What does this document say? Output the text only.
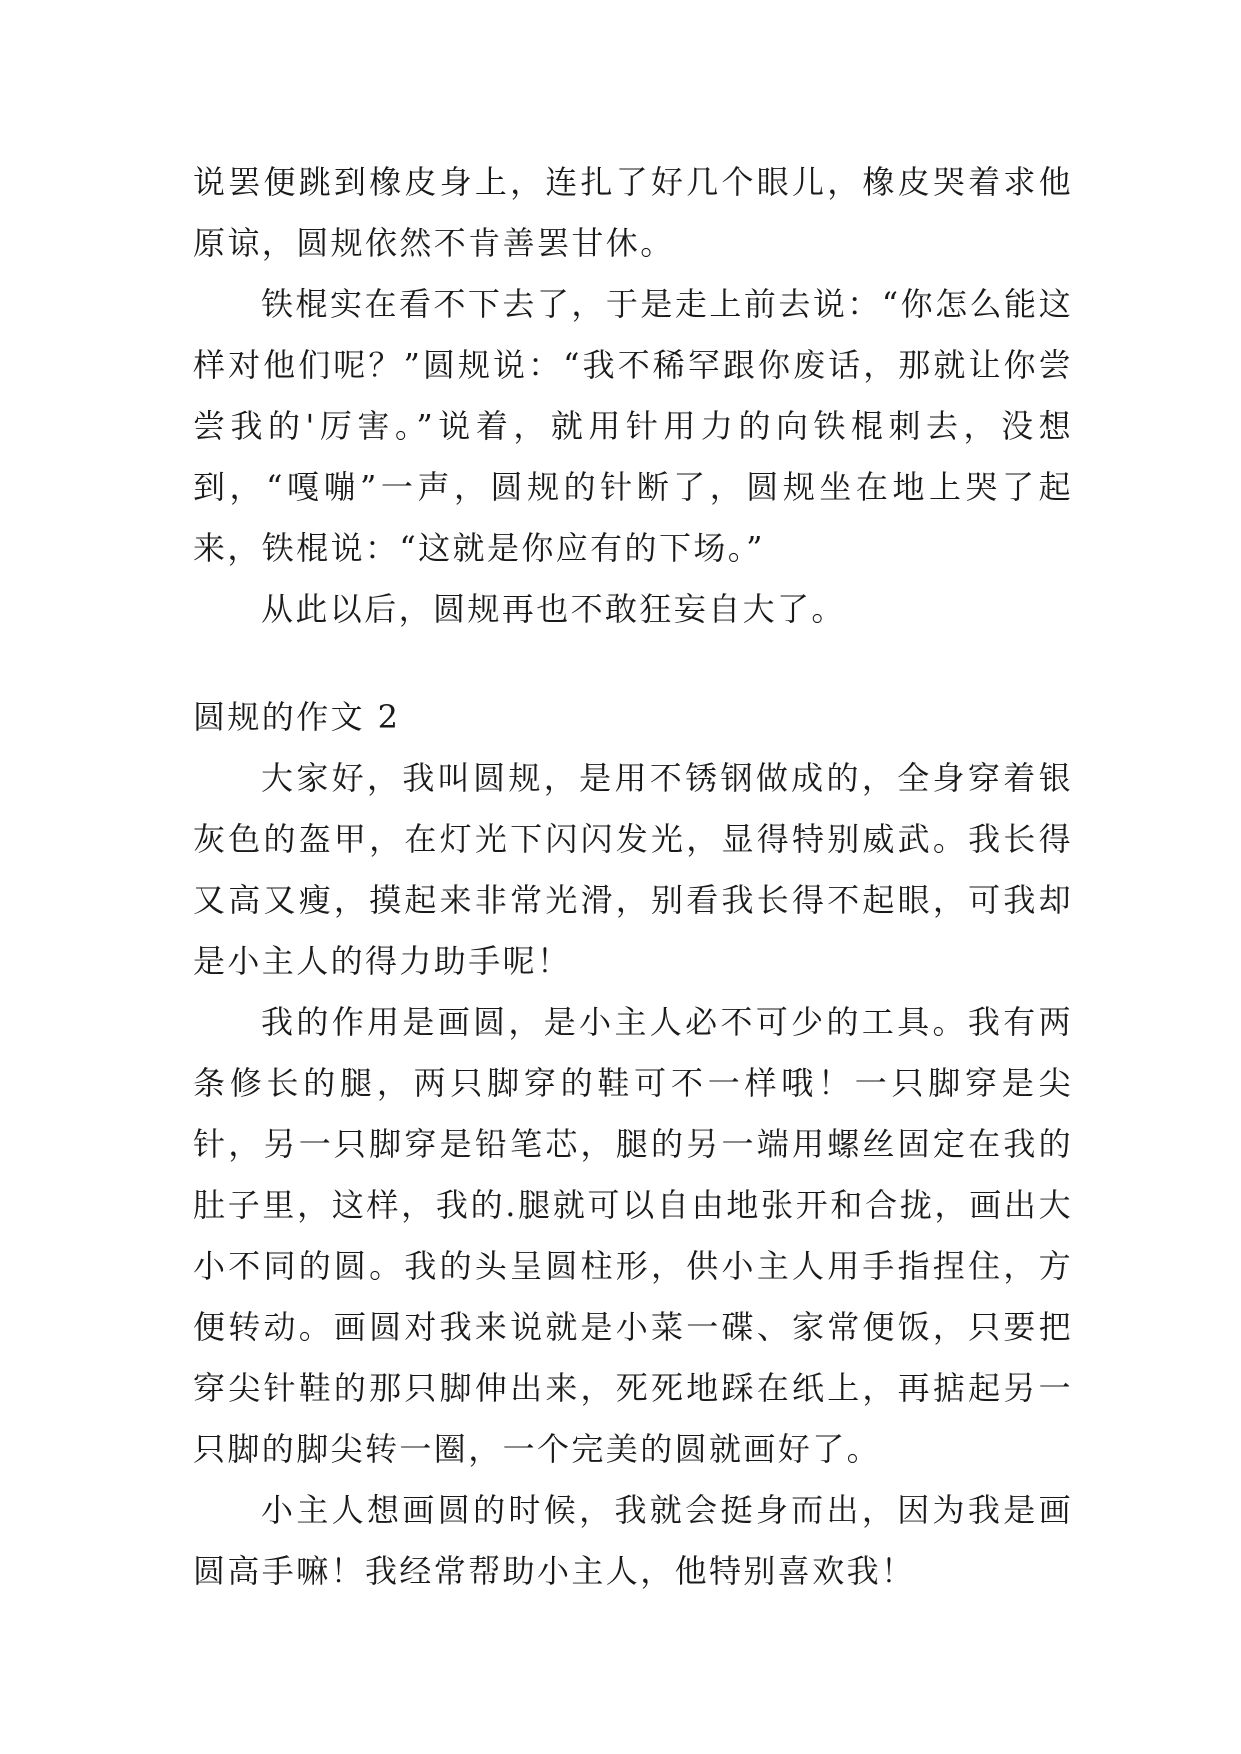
说罢便跳到橡皮身上，连扎了好几个眼儿，橡皮哭着求他原谅，圆规依然不肯善罢甘休。

铁棍实在看不下去了，于是走上前去说：“你怎么能这样对他们呢？”圆规说：“我不稀罕跟你废话，那就让你尝尝我的'厉害。”说着，就用针用力的向铁棍刺去，没想到，“嘎嘣”一声，圆规的针断了，圆规坐在地上哭了起来，铁棍说：“这就是你应有的下场。”

从此以后，圆规再也不敢狂妄自大了。

圆规的作文 2

大家好，我叫圆规，是用不锈钢做成的，全身穿着银灰色的盔甲，在灯光下闪闪发光，显得特别威武。我长得又高又瘦，摸起来非常光滑，别看我长得不起眼，可我却是小主人的得力助手呢！

我的作用是画圆，是小主人必不可少的工具。我有两条修长的腿，两只脚穿的鞋可不一样哦！一只脚穿是尖针，另一只脚穿是铅笔芯，腿的另一端用螺丝固定在我的肚子里，这样，我的.腿就可以自由地张开和合拢，画出大小不同的圆。我的头呈圆柱形，供小主人用手指捏住，方便转动。画圆对我来说就是小菜一碟、家常便饭，只要把穿尖针鞋的那只脚伸出来，死死地踩在纸上，再掂起另一只脚的脚尖转一圈，一个完美的圆就画好了。

小主人想画圆的时候，我就会挺身而出，因为我是画圆高手嘛！我经常帮助小主人，他特别喜欢我！
